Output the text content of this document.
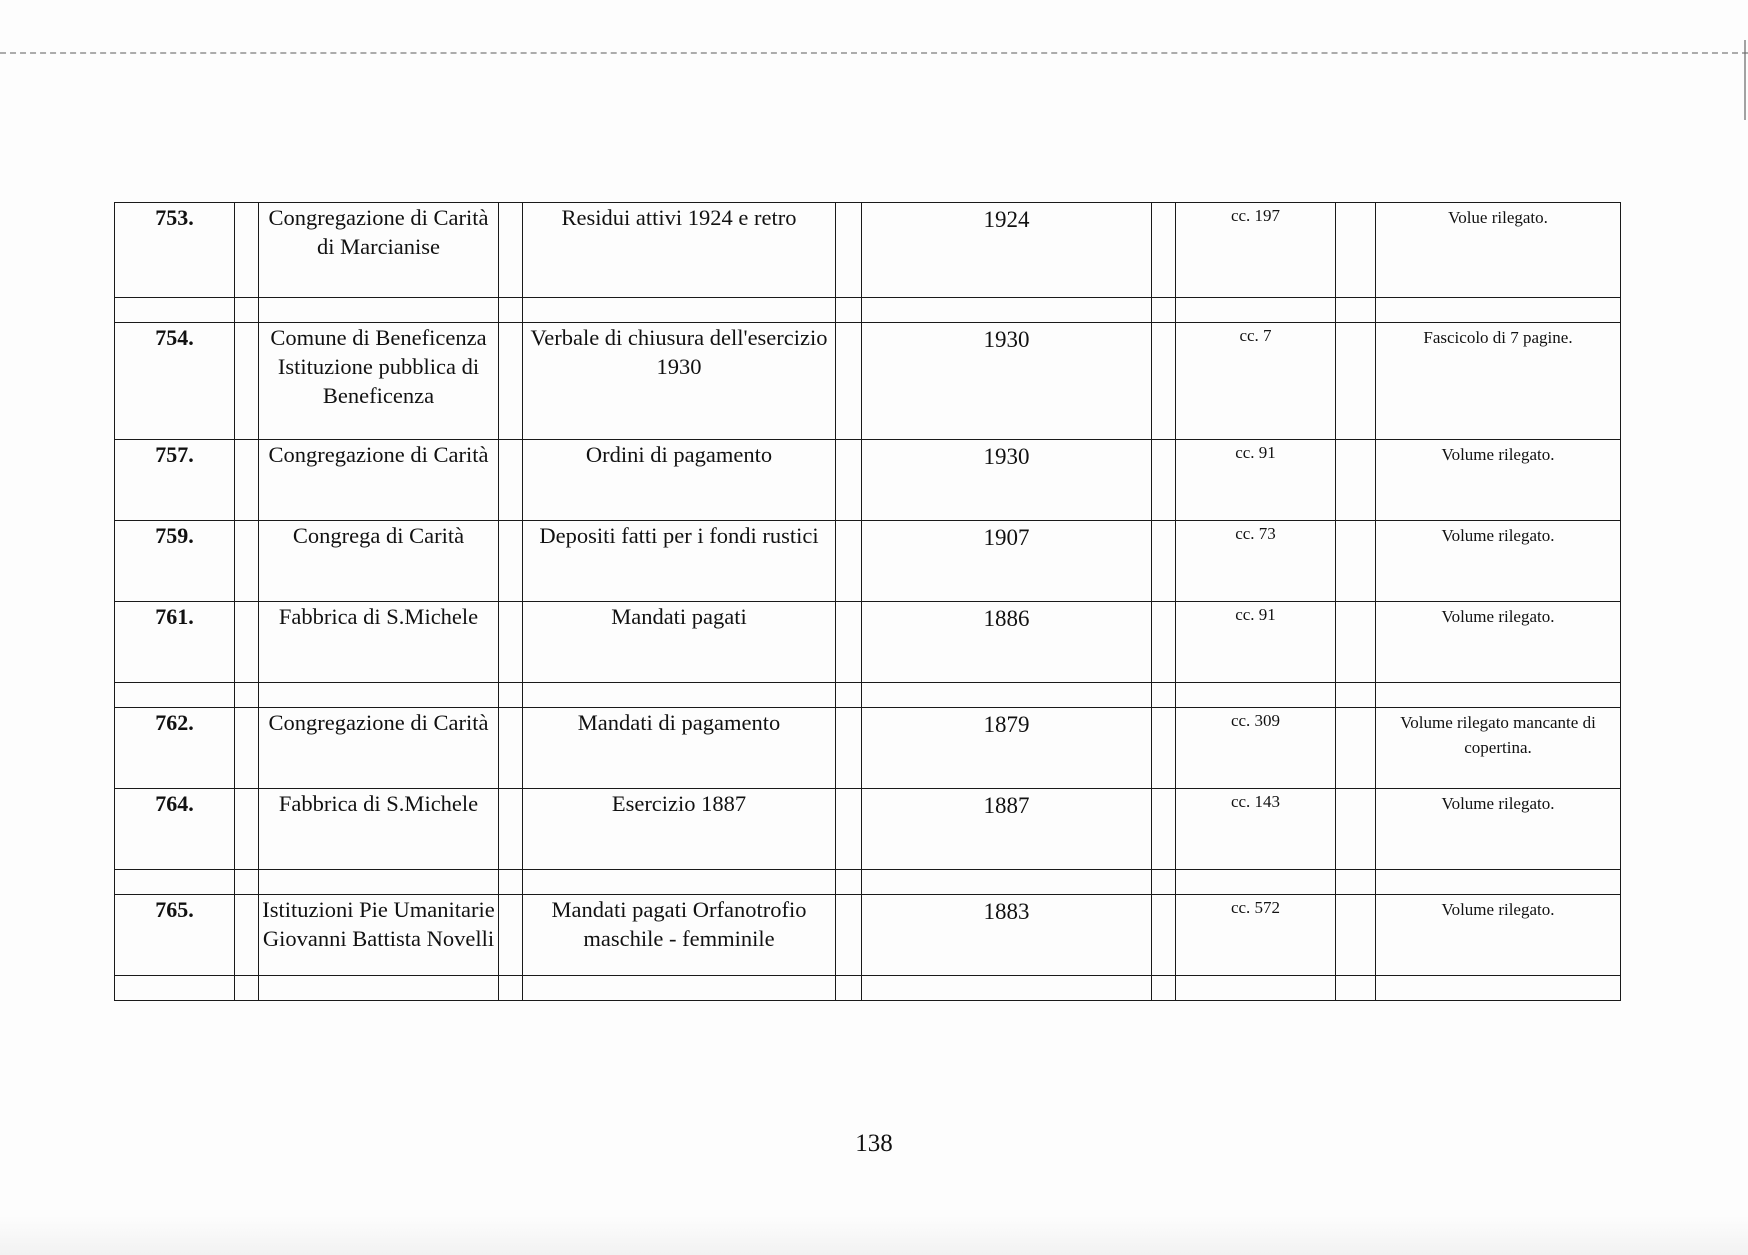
753.		Congregazione di Carità di Marcianise		Residui attivi 1924 e retro		1924		cc. 197		Volue rilegato.

754.		Comune di Beneficenza Istituzione pubblica di Beneficenza		Verbale di chiusura dell'esercizio 1930		1930		cc. 7		Fascicolo di 7 pagine.
757.		Congregazione di Carità		Ordini di pagamento		1930		cc. 91		Volume rilegato.
759.		Congrega di Carità		Depositi fatti per i fondi rustici		1907		cc. 73		Volume rilegato.
761.		Fabbrica di S.Michele		Mandati pagati		1886		cc. 91		Volume rilegato.

762.		Congregazione di Carità		Mandati di pagamento		1879		cc. 309		Volume rilegato mancante di copertina.
764.		Fabbrica di S.Michele		Esercizio 1887		1887		cc. 143		Volume rilegato.

765.		Istituzioni Pie Umanitarie Giovanni Battista Novelli		Mandati pagati Orfanotrofio maschile - femminile		1883		cc. 572		Volume rilegato.

138
